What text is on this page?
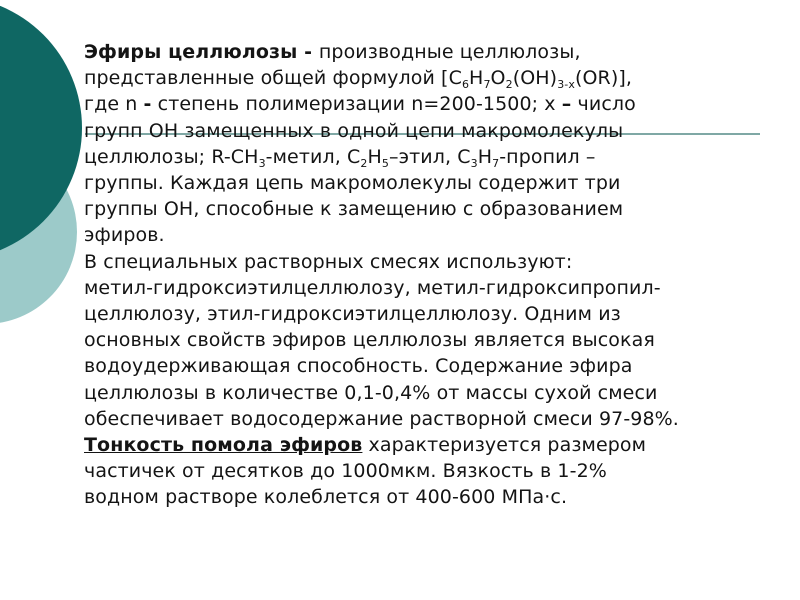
Эфиры целлюлозы - производные целлюлозы,
представленные общей формулой $[С_6Н_7О_2(ОН)_{3-х}(ОR)]$,
где n - степень полимеризации n=200-1500; x – число
групп ОН замещенных в одной цепи макромолекулы
целлюлозы; $R-CH_3$-метил, $С_2Н_5$–этил, $С_3Н_7$-пропил –
группы. Каждая цепь макромолекулы содержит три
группы ОН, способные к замещению с образованием
эфиров.
В специальных растворных смесях используют:
метил-гидроксиэтилцеллюлозу, метил-гидроксипропил-
целлюлозу, этил-гидроксиэтилцеллюлозу. Одним из
основных свойств эфиров целлюлозы является высокая
водоудерживающая способность. Содержание эфира
целлюлозы в количестве 0,1-0,4% от массы сухой смеси
обеспечивает водосодержание растворной смеси 97-98%.
Тонкость помола эфиров характеризуется размером
частичек от десятков до 1000мкм. Вязкость в 1-2%
водном растворе колеблется от 400-600 МПа·с.
